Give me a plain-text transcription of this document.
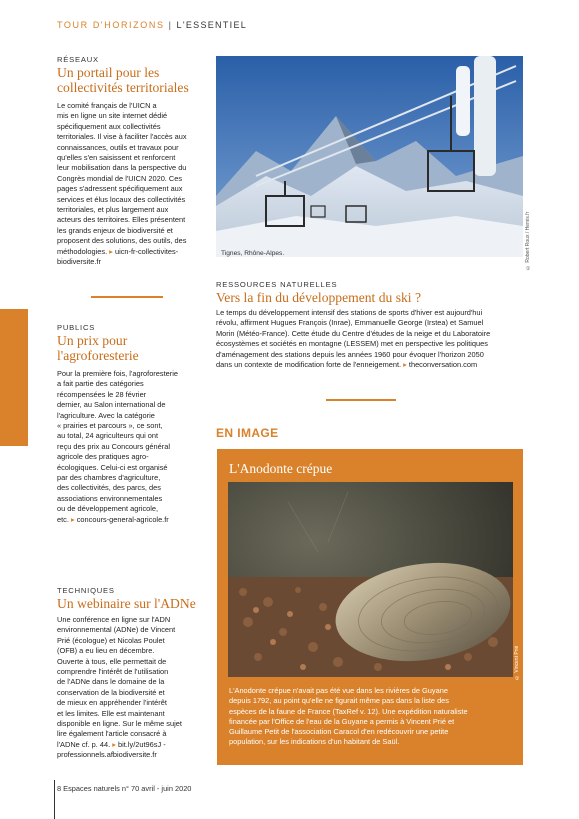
TOUR D'HORIZONS | L'ESSENTIEL
RÉSEAUX
Un portail pour les
collectivités territoriales
Le comité français de l'UICN a
mis en ligne un site internet dédié
spécifiquement aux collectivités
territoriales. Il vise à faciliter l'accès aux
connaissances, outils et travaux pour
qu'elles s'en saisissent et renforcent
leur mobilisation dans la perspective du
Congrès mondial de l'UICN 2020. Ces
pages s'adressent spécifiquement aux
services et élus locaux des collectivités
territoriales, et plus largement aux
acteurs des territoires. Elles présentent
les grands enjeux de biodiversité et
proposent des solutions, des outils, des
méthodologies. ▸ uicn-fr-collectivites-
biodiversite.fr
PUBLICS
Un prix pour
l'agroforesterie
Pour la première fois, l'agroforesterie
a fait partie des catégories
récompensées le 28 février
dernier, au Salon international de
l'agriculture. Avec la catégorie
« prairies et parcours », ce sont,
au total, 24 agriculteurs qui ont
reçu des prix au Concours général
agricole des pratiques agro-
écologiques. Celui-ci est organisé
par des chambres d'agriculture,
des collectivités, des parcs, des
associations environnementales
ou de développement agricole,
etc. ▸ concours-general-agricole.fr
TECHNIQUES
Un webinaire sur l'ADNe
Une conférence en ligne sur l'ADN
environnemental (ADNe) de Vincent
Prié (écologue) et Nicolas Poulet
(OFB) a eu lieu en décembre.
Ouverte à tous, elle permettait de
comprendre l'intérêt de l'utilisation
de l'ADNe dans le domaine de la
conservation de la biodiversité et
de mieux en appréhender l'intérêt
et les limites. Elle est maintenant
disponible en ligne. Sur le même sujet
lire également l'article consacré à
l'ADNe cf. p. 44. ▸ bit.ly/2ut96sJ -
professionnels.afbiodiversite.fr
Tignes, Rhône-Alpes.	© Robert Roux / Hemis.fr
RESSOURCES NATURELLES
Vers la fin du développement du ski ?
Le temps du développement intensif des stations de sports d'hiver est aujourd'hui
révolu, affirment Hugues François (Inrae), Emmanuelle George (Irstea) et Samuel
Morin (Météo-France). Cette étude du Centre d'études de la neige et du Laboratoire
écosystèmes et sociétés en montagne (LESSEM) met en perspective les politiques
d'aménagement des stations depuis les années 1960 pour évoquer l'horizon 2050
dans un contexte de modification forte de l'enneigement. ▸ theconversation.com
EN IMAGE
L'Anodonte crépue
© Vincent Prié
L'Anodonte crépue n'avait pas été vue dans les rivières de Guyane
depuis 1792, au point qu'elle ne figurait même pas dans la liste des
espèces de la faune de France (TaxRef v. 12). Une expédition naturaliste
financée par l'Office de l'eau de la Guyane a permis à Vincent Prié et
Guillaume Petit de l'association Caracol d'en redécouvrir une petite
population, sur les indications d'un habitant de Saül.
8 Espaces naturels n° 70 avril - juin 2020
